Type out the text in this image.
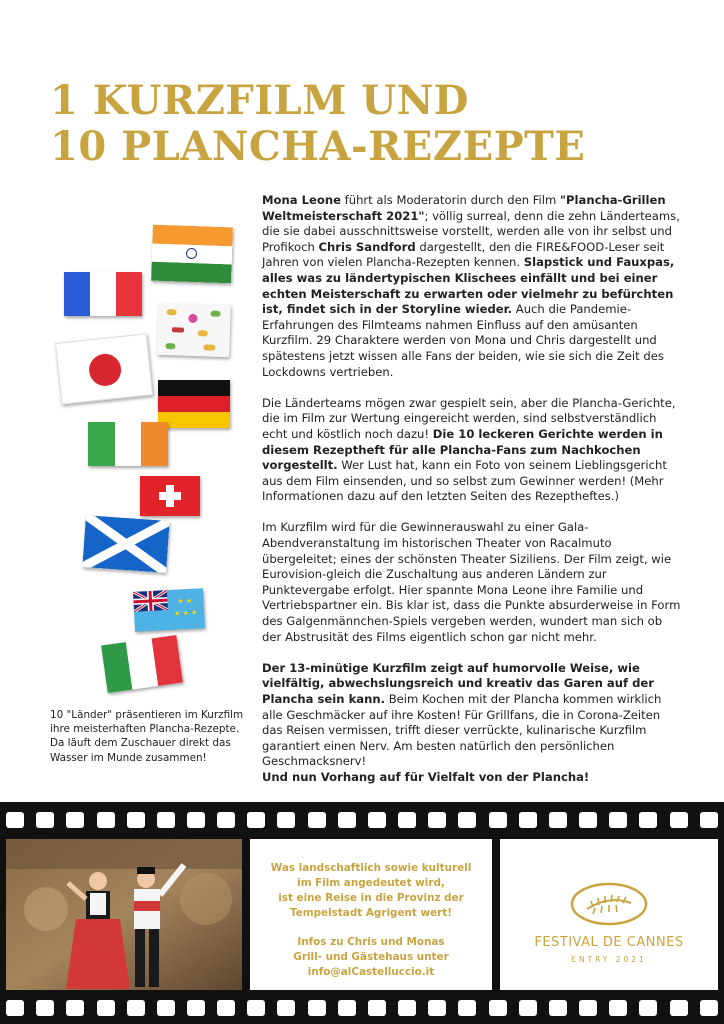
1 KURZFILM UND
10 PLANCHA-REZEPTE
★ ★
★ ★ ★
10 "Länder" präsentieren im Kurzfilm ihre meisterhaften Plancha-Rezepte. Da läuft dem Zuschauer direkt das Wasser im Munde zusammen!

Mona Leone führt als Moderatorin durch den Film "Plancha-Grillen Weltmeisterschaft 2021"; völlig surreal, denn die zehn Länderteams, die sie dabei ausschnittsweise vorstellt, werden alle von ihr selbst und Profikoch Chris Sandford dargestellt, den die FIRE&FOOD-Leser seit Jahren von vielen Plancha-Rezepten kennen. Slapstick und Fauxpas, alles was zu ländertypischen Klischees einfällt und bei einer echten Meisterschaft zu erwarten oder vielmehr zu befürchten ist, findet sich in der Storyline wieder. Auch die Pandemie-Erfahrungen des Filmteams nahmen Einfluss auf den amüsanten Kurzfilm. 29 Charaktere werden von Mona und Chris dargestellt und spätestens jetzt wissen alle Fans der beiden, wie sie sich die Zeit des Lockdowns vertrieben.

Die Länderteams mögen zwar gespielt sein, aber die Plancha-Gerichte, die im Film zur Wertung eingereicht werden, sind selbstverständlich echt und köstlich noch dazu! Die 10 leckeren Gerichte werden in diesem Rezeptheft für alle Plancha-Fans zum Nachkochen vorgestellt. Wer Lust hat, kann ein Foto von seinem Lieblingsgericht aus dem Film einsenden, und so selbst zum Gewinner werden! (Mehr Informationen dazu auf den letzten Seiten des Rezeptheftes.)

Im Kurzfilm wird für die Gewinnerauswahl zu einer Gala-Abendveranstaltung im historischen Theater von Racalmuto übergeleitet; eines der schönsten Theater Siziliens. Der Film zeigt, wie Eurovision-gleich die Zuschaltung aus anderen Ländern zur Punktevergabe erfolgt. Hier spannte Mona Leone ihre Familie und Vertriebspartner ein. Bis klar ist, dass die Punkte absurderweise in Form des Galgenmännchen-Spiels vergeben werden, wundert man sich ob der Abstrusität des Films eigentlich schon gar nicht mehr.

Der 13-minütige Kurzfilm zeigt auf humorvolle Weise, wie vielfältig, abwechslungsreich und kreativ das Garen auf der Plancha sein kann. Beim Kochen mit der Plancha kommen wirklich alle Geschmäcker auf ihre Kosten! Für Grillfans, die in Corona-Zeiten das Reisen vermissen, trifft dieser verrückte, kulinarische Kurzfilm garantiert einen Nerv. Am besten natürlich den persönlichen Geschmacksnerv!
Und nun Vorhang auf für Vielfalt von der Plancha!

Was landschaftlich sowie kulturell
im Film angedeutet wird,
ist eine Reise in die Provinz der
Tempelstadt Agrigent wert!
Infos zu Chris und Monas
Grill- und Gästehaus unter
info@alCastelluccio.it
FESTIVAL DE CANNES
ENTRY 2021
